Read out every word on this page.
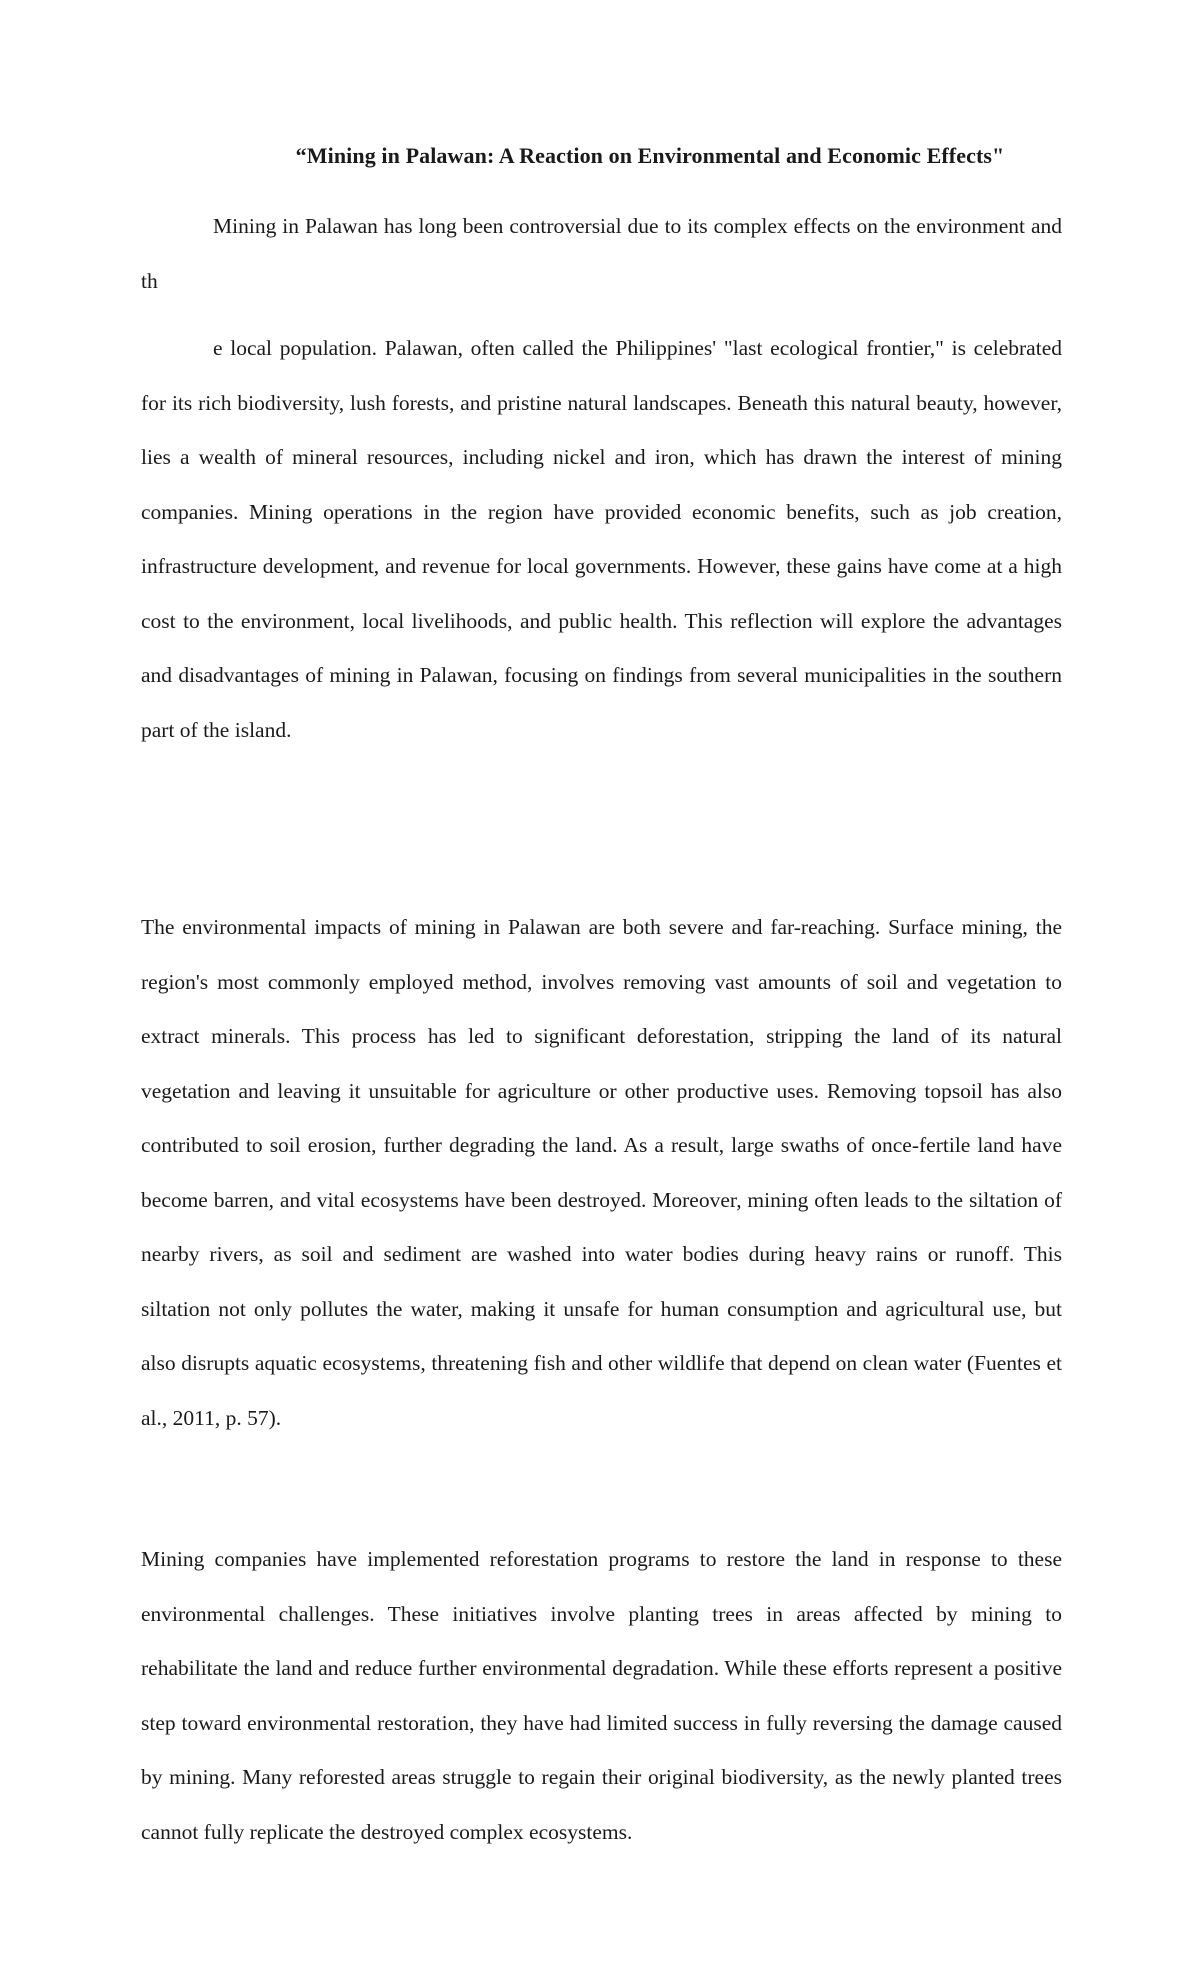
“Mining in Palawan: A Reaction on Environmental and Economic Effects"

Mining in Palawan has long been controversial due to its complex effects on the environment and th

e local population. Palawan, often called the Philippines' "last ecological frontier," is celebrated for its rich biodiversity, lush forests, and pristine natural landscapes. Beneath this natural beauty, however, lies a wealth of mineral resources, including nickel and iron, which has drawn the interest of mining companies. Mining operations in the region have provided economic benefits, such as job creation, infrastructure development, and revenue for local governments. However, these gains have come at a high cost to the environment, local livelihoods, and public health. This reflection will explore the advantages and disadvantages of mining in Palawan, focusing on findings from several municipalities in the southern part of the island.

The environmental impacts of mining in Palawan are both severe and far-reaching. Surface mining, the region's most commonly employed method, involves removing vast amounts of soil and vegetation to extract minerals. This process has led to significant deforestation, stripping the land of its natural vegetation and leaving it unsuitable for agriculture or other productive uses. Removing topsoil has also contributed to soil erosion, further degrading the land. As a result, large swaths of once-fertile land have become barren, and vital ecosystems have been destroyed. Moreover, mining often leads to the siltation of nearby rivers, as soil and sediment are washed into water bodies during heavy rains or runoff. This siltation not only pollutes the water, making it unsafe for human consumption and agricultural use, but also disrupts aquatic ecosystems, threatening fish and other wildlife that depend on clean water (Fuentes et al., 2011, p. 57).

Mining companies have implemented reforestation programs to restore the land in response to these environmental challenges. These initiatives involve planting trees in areas affected by mining to rehabilitate the land and reduce further environmental degradation. While these efforts represent a positive step toward environmental restoration, they have had limited success in fully reversing the damage caused by mining. Many reforested areas struggle to regain their original biodiversity, as the newly planted trees cannot fully replicate the destroyed complex ecosystems.
